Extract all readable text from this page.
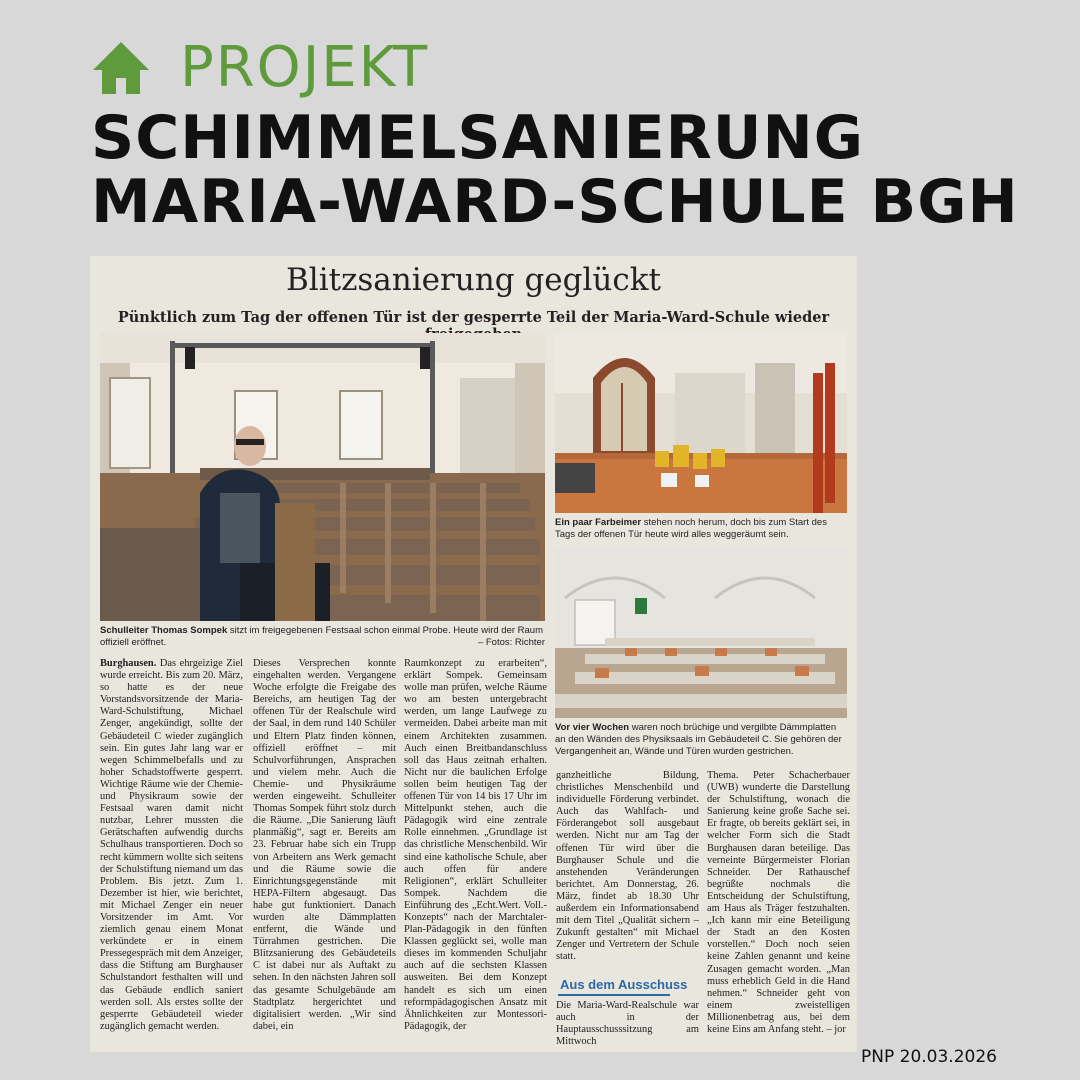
PROJEKT
SCHIMMELSANIERUNG
MARIA-WARD-SCHULE BGH
Blitzsanierung geglückt
Pünktlich zum Tag der offenen Tür ist der gesperrte Teil der Maria-Ward-Schule wieder
Schulleiter Thomas Sompek sitzt im freigegebenen Festsaal schon einmal Probe. Heute wird der Raum offiziell eröffnet.	– Fotos: Richter
Ein paar Farbeimer stehen noch herum, doch bis zum Start des Tags der offenen Tür heute wird alles weggeräumt sein.
Vor vier Wochen waren noch brüchige und vergilbte Dämmplatten an den Wänden des Physiksaals im Gebäudeteil C. Sie gehören der Vergangenheit an, Wände und Türen wurden gestrichen.

Burghausen. Das ehrgeizige Ziel wurde erreicht. Bis zum 20. März, so hatte es der neue Vorstandsvorsitzende der Maria-Ward-Schulstiftung, Michael Zenger, angekündigt, sollte der Gebäudeteil C wieder zugänglich sein. Ein gutes Jahr lang war er wegen Schimmelbefalls und zu hoher Schadstoffwerte gesperrt. Wichtige Räume wie der Chemie- und Physikraum sowie der Festsaal waren damit nicht nutzbar, Lehrer mussten die Gerätschaften aufwendig durchs Schulhaus transportieren. Doch so recht kümmern wollte sich seitens der Schulstiftung niemand um das Problem. Bis jetzt. Zum 1. Dezember ist hier, wie berichtet, mit Michael Zenger ein neuer Vorsitzender im Amt. Vor ziemlich genau einem Monat verkündete er in einem Pressegespräch mit dem Anzeiger, dass die Stiftung am Burghauser Schulstandort festhalten will und das Gebäude endlich saniert werden soll. Als erstes sollte der gesperrte Gebäudeteil wieder zugänglich gemacht werden.

Dieses Versprechen konnte eingehalten werden. Vergangene Woche erfolgte die Freigabe des Bereichs, am heutigen Tag der offenen Tür der Realschule wird der Saal, in dem rund 140 Schüler und Eltern Platz finden können, offiziell eröffnet – mit Schulvorführungen, Ansprachen und vielem mehr. Auch die Chemie- und Physikräume werden eingeweiht. Schulleiter Thomas Sompek führt stolz durch die Räume. „Die Sanierung läuft planmäßig“, sagt er. Bereits am 23. Februar habe sich ein Trupp von Arbeitern ans Werk gemacht und die Räume sowie die Einrichtungsgegenstände mit HEPA-Filtern abgesaugt. Das habe gut funktioniert. Danach wurden alte Dämmplatten entfernt, die Wände und Türrahmen gestrichen. Die Blitzsanierung des Gebäudeteils C ist dabei nur als Auftakt zu sehen. In den nächsten Jahren soll das gesamte Schulgebäude am Stadtplatz hergerichtet und digitalisiert werden. „Wir sind dabei, ein

Raumkonzept zu erarbeiten“, erklärt Sompek. Gemeinsam wolle man prüfen, welche Räume wo am besten untergebracht werden, um lange Laufwege zu vermeiden. Dabei arbeite man mit einem Architekten zusammen. Auch einen Breitbandanschluss soll das Haus zeitnah erhalten. Nicht nur die baulichen Erfolge sollen beim heutigen Tag der offenen Tür von 14 bis 17 Uhr im Mittelpunkt stehen, auch die Pädagogik wird eine zentrale Rolle einnehmen. „Grundlage ist das christliche Menschenbild. Wir sind eine katholische Schule, aber auch offen für andere Religionen“, erklärt Schulleiter Sompek. Nachdem die Einführung des „Echt.Wert. Voll.-Konzepts“ nach der Marchtaler-Plan-Pädagogik in den fünften Klassen geglückt sei, wolle man dieses im kommenden Schuljahr auch auf die sechsten Klassen ausweiten. Bei dem Konzept handelt es sich um einen reformpädagogischen Ansatz mit Ähnlichkeiten zur Montessori-Pädagogik, der

ganzheitliche Bildung, christliches Menschenbild und individuelle Förderung verbindet. Auch das Wahlfach- und Förderangebot soll ausgebaut werden. Nicht nur am Tag der offenen Tür wird über die Burghauser Schule und die anstehenden Veränderungen berichtet. Am Donnerstag, 26. März, findet ab 18.30 Uhr außerdem ein Informationsabend mit dem Titel „Qualität sichern – Zukunft gestalten“ mit Michael Zenger und Vertretern der Schule statt.

Aus dem Ausschuss

Die Maria-Ward-Realschule war auch in der Hauptausschusssitzung am Mittwoch

Thema. Peter Schacherbauer (UWB) wunderte die Darstellung der Schulstiftung, wonach die Sanierung keine große Sache sei. Er fragte, ob bereits geklärt sei, in welcher Form sich die Stadt Burghausen daran beteilige. Das verneinte Bürgermeister Florian Schneider. Der Rathauschef begrüßte nochmals die Entscheidung der Schulstiftung, am Haus als Träger festzuhalten. „Ich kann mir eine Beteiligung der Stadt an den Kosten vorstellen.“ Doch noch seien keine Zahlen genannt und keine Zusagen gemacht worden. „Man muss erheblich Geld in die Hand nehmen.“ Schneider geht von einem zweistelligen Millionenbetrag aus, bei dem keine Eins am Anfang steht. – jor

PNP 20.03.2026
